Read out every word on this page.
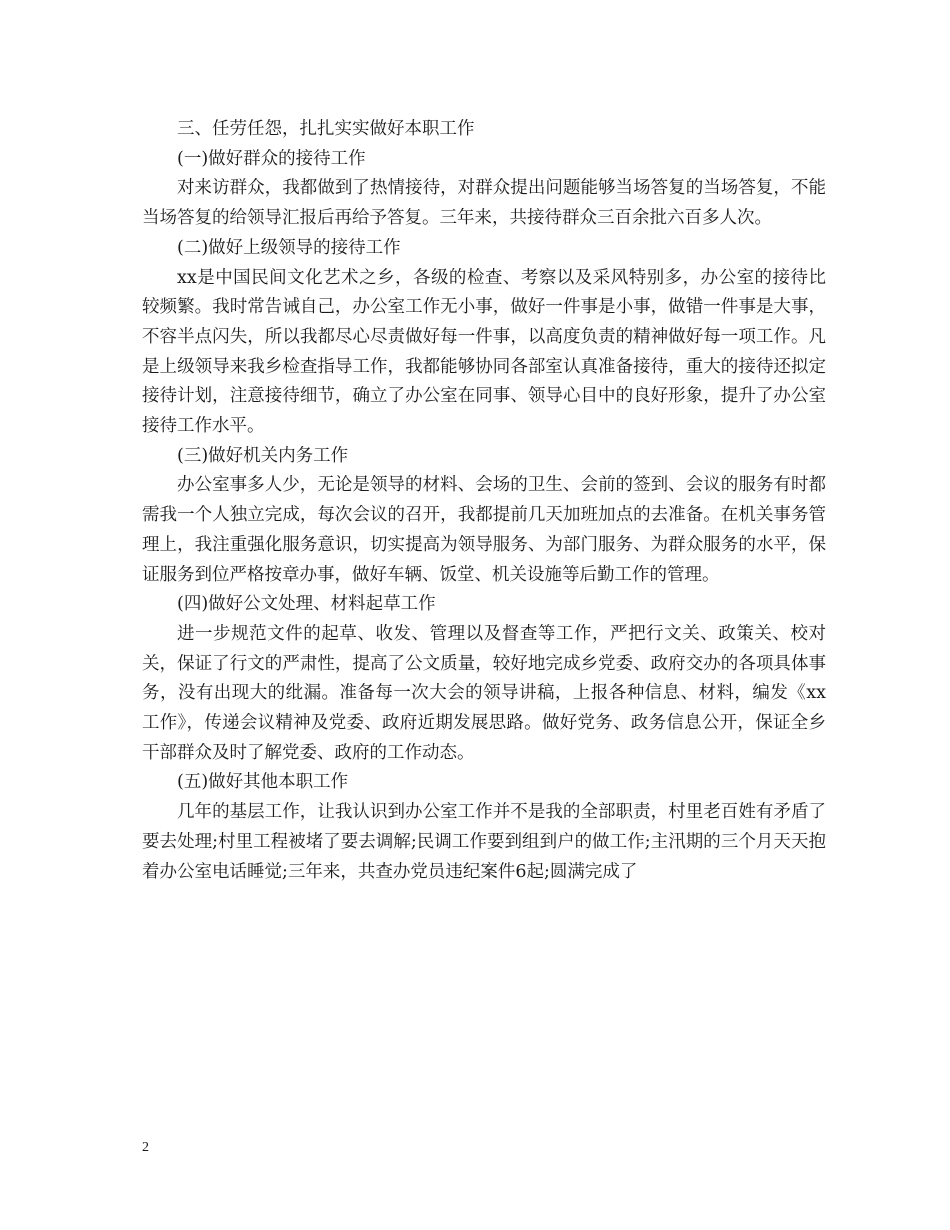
三、任劳任怨，扎扎实实做好本职工作

(一)做好群众的接待工作

对来访群众，我都做到了热情接待，对群众提出问题能够当场答复的当场答复，不能当场答复的给领导汇报后再给予答复。三年来，共接待群众三百余批六百多人次。

(二)做好上级领导的接待工作

xx是中国民间文化艺术之乡，各级的检查、考察以及采风特别多，办公室的接待比较频繁。我时常告诫自己，办公室工作无小事，做好一件事是小事，做错一件事是大事，不容半点闪失，所以我都尽心尽责做好每一件事，以高度负责的精神做好每一项工作。凡是上级领导来我乡检查指导工作，我都能够协同各部室认真准备接待，重大的接待还拟定接待计划，注意接待细节，确立了办公室在同事、领导心目中的良好形象，提升了办公室接待工作水平。

(三)做好机关内务工作

办公室事多人少，无论是领导的材料、会场的卫生、会前的签到、会议的服务有时都需我一个人独立完成，每次会议的召开，我都提前几天加班加点的去准备。在机关事务管理上，我注重强化服务意识，切实提高为领导服务、为部门服务、为群众服务的水平，保证服务到位严格按章办事，做好车辆、饭堂、机关设施等后勤工作的管理。

(四)做好公文处理、材料起草工作

进一步规范文件的起草、收发、管理以及督查等工作，严把行文关、政策关、校对关，保证了行文的严肃性，提高了公文质量，较好地完成乡党委、政府交办的各项具体事务，没有出现大的纰漏。准备每一次大会的领导讲稿，上报各种信息、材料，编发《xx工作》，传递会议精神及党委、政府近期发展思路。做好党务、政务信息公开，保证全乡干部群众及时了解党委、政府的工作动态。

(五)做好其他本职工作

几年的基层工作，让我认识到办公室工作并不是我的全部职责，村里老百姓有矛盾了要去处理;村里工程被堵了要去调解;民调工作要到组到户的做工作;主汛期的三个月天天抱着办公室电话睡觉;三年来，共查办党员违纪案件6起;圆满完成了

2
